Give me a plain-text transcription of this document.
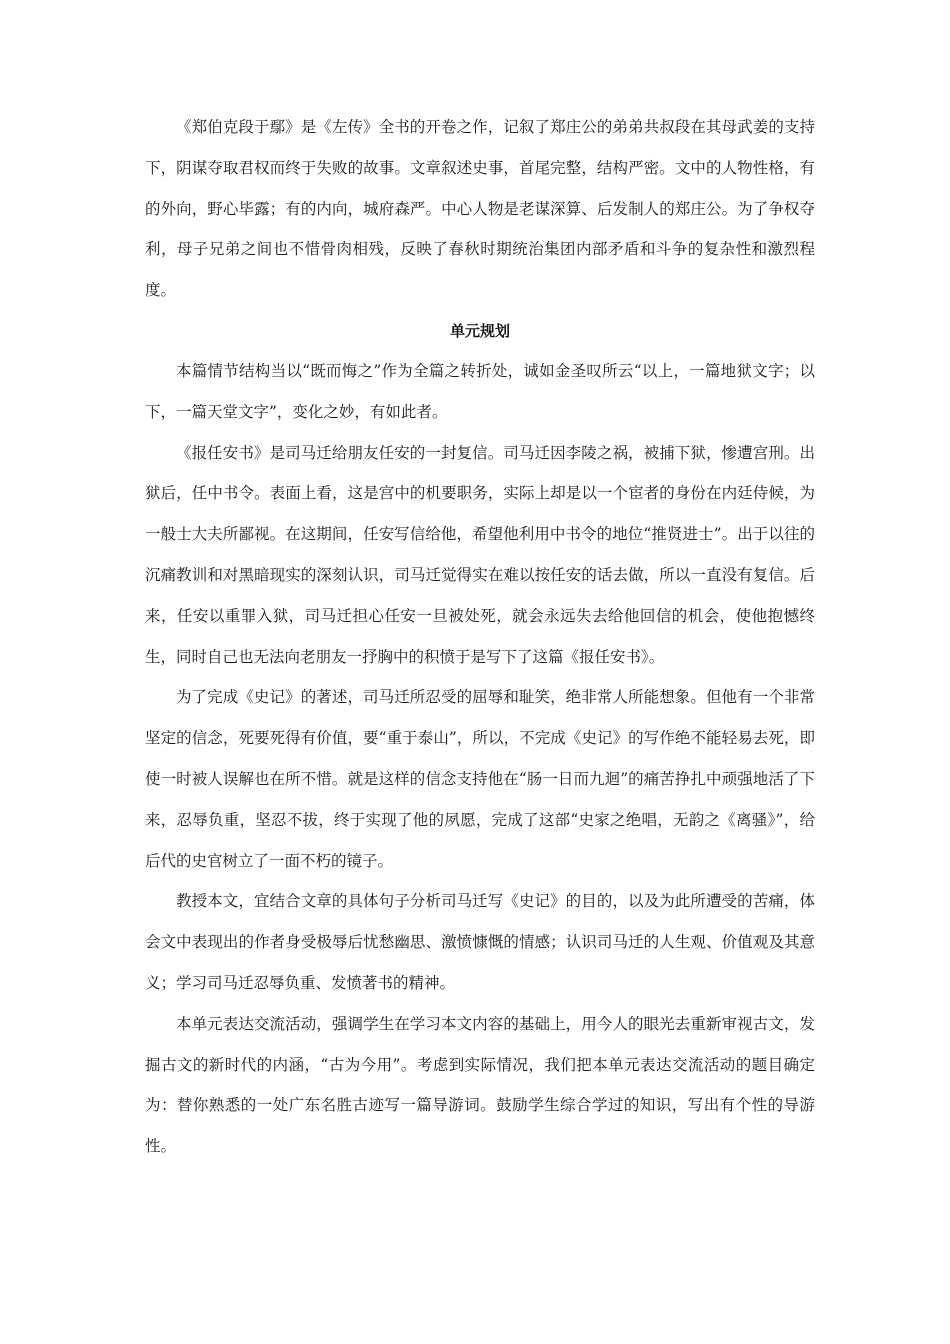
《郑伯克段于鄢》是《左传》全书的开卷之作，记叙了郑庄公的弟弟共叔段在其母武姜的支持下，阴谋夺取君权而终于失败的故事。文章叙述史事，首尾完整，结构严密。文中的人物性格，有的外向，野心毕露；有的内向，城府森严。中心人物是老谋深算、后发制人的郑庄公。为了争权夺利，母子兄弟之间也不惜骨肉相残，反映了春秋时期统治集团内部矛盾和斗争的复杂性和激烈程度。

单元规划

本篇情节结构当以“既而悔之”作为全篇之转折处，诚如金圣叹所云“以上，一篇地狱文字；以下，一篇天堂文字”，变化之妙，有如此者。

《报任安书》是司马迁给朋友任安的一封复信。司马迁因李陵之祸，被捕下狱，惨遭宫刑。出狱后，任中书令。表面上看，这是宫中的机要职务，实际上却是以一个宦者的身份在内廷侍候，为一般士大夫所鄙视。在这期间，任安写信给他，希望他利用中书令的地位“推贤进士”。出于以往的沉痛教训和对黑暗现实的深刻认识，司马迁觉得实在难以按任安的话去做，所以一直没有复信。后来，任安以重罪入狱，司马迁担心任安一旦被处死，就会永远失去给他回信的机会，使他抱憾终生，同时自己也无法向老朋友一抒胸中的积愤于是写下了这篇《报任安书》。

为了完成《史记》的著述，司马迁所忍受的屈辱和耻笑，绝非常人所能想象。但他有一个非常坚定的信念，死要死得有价值，要“重于泰山”，所以，不完成《史记》的写作绝不能轻易去死，即使一时被人误解也在所不惜。就是这样的信念支持他在“肠一日而九迴”的痛苦挣扎中顽强地活了下来，忍辱负重，坚忍不拔，终于实现了他的夙愿，完成了这部“史家之绝唱，无韵之《离骚》”，给后代的史官树立了一面不朽的镜子。

教授本文，宜结合文章的具体句子分析司马迁写《史记》的目的，以及为此所遭受的苦痛，体会文中表现出的作者身受极辱后忧愁幽思、激愤慷慨的情感；认识司马迁的人生观、价值观及其意义；学习司马迁忍辱负重、发愤著书的精神。

本单元表达交流活动，强调学生在学习本文内容的基础上，用今人的眼光去重新审视古文，发掘古文的新时代的内涵，“古为今用”。考虑到实际情况，我们把本单元表达交流活动的题目确定为：替你熟悉的一处广东名胜古迹写一篇导游词。鼓励学生综合学过的知识，写出有个性的导游性。
